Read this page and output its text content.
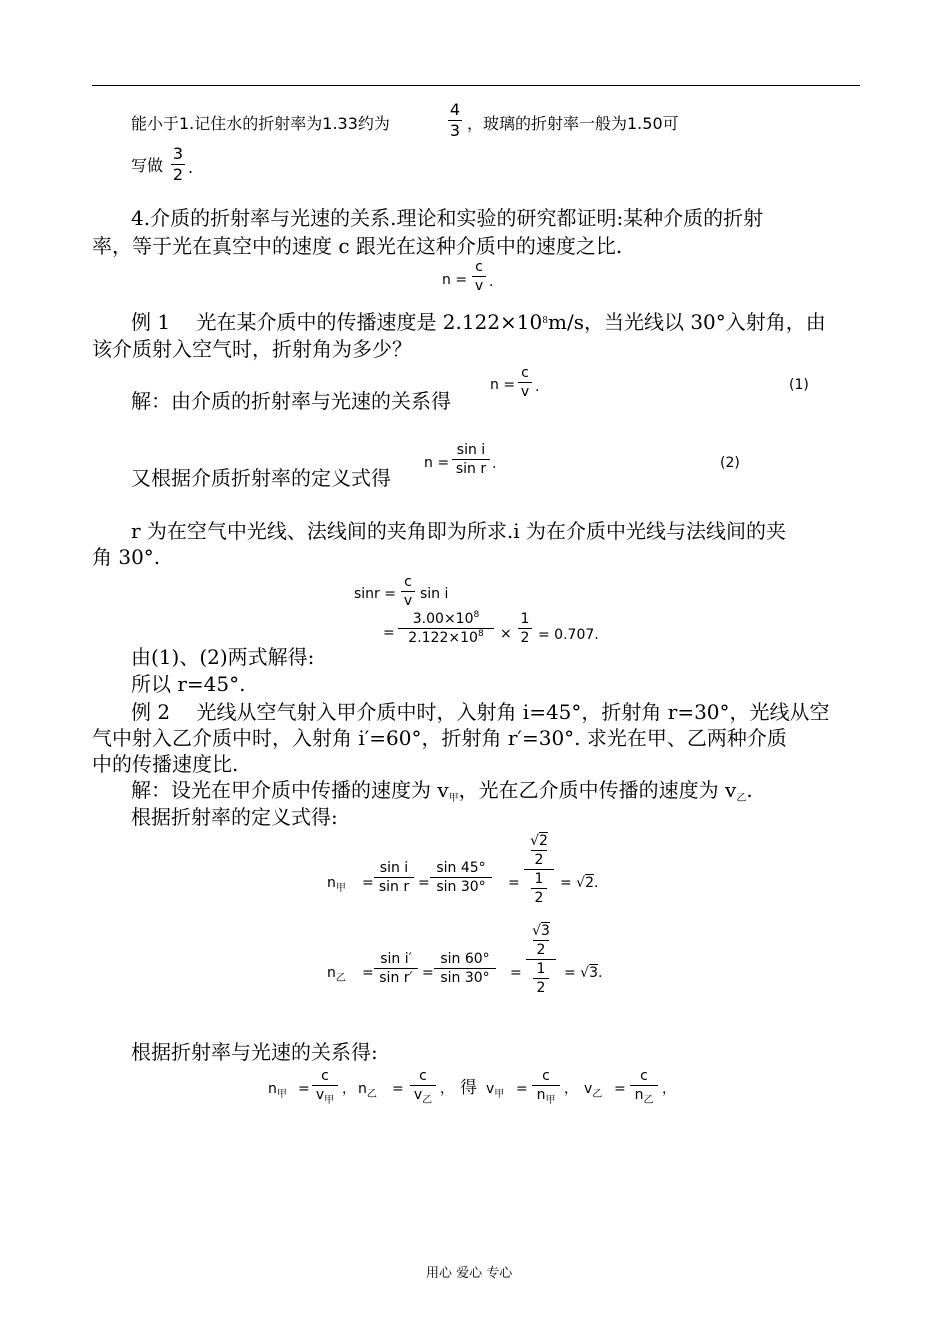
能小于1.记住水的折射率为1.33约为
4
3 ，玻璃的折射率一般为1.50可
写做
3
2 .
4.介质的折射率与光速的关系.理论和实验的研究都证明:某种介质的折射
率，等于光在真空中的速度 c 跟光在这种介质中的速度之比.
n =
c
v .
例 1　 光在某介质中的传播速度是 $2.122\times 10^8m/s$，当光线以 30°入射角，由
该介质射入空气时，折射角为多少？
解：由介质的折射率与光速的关系得
n =
c
v .	(1)
又根据介质折射率的定义式得
n =
sin i
sin r .	(2)
r 为在空气中光线、法线间的夹角即为所求.i 为在介质中光线与法线间的夹
角 30°.
sinr =
c
v sin i
=
$3.00\times 10^8$
$2.122\times 10^8$	×
1
2 = 0.707.
由(1)、(2)两式解得:
所以 r=45°.
例 2　 光线从空气射入甲介质中时，入射角 i=45°，折射角 r=30°，光线从空
气中射入乙介质中时，入射角 i′=60°，折射角 r′=30°. 求光在甲、乙两种介质
中的传播速度比.
解：设光在甲介质中传播的速度为 $v_甲$，光在乙介质中传播的速度为 $v_乙$.
根据折射率的定义式得:
$n_甲$ =
sin i
sin r =
sin 45°
sin 30°	=
√2
2
1
2
= √2.
$n_乙$ =
sin i′
sin r′ =
sin 60°
sin 30°	=
√3
2
1
2
= √3.
根据折射率与光速的关系得:
$n_甲$ =
c
$v_甲$
， $n_乙$ =
c
$v_乙$
， 得 $v_甲$ =
c
$n_甲$
， $v_乙$ =
c
$n_乙$
，
用心 爱心 专心
